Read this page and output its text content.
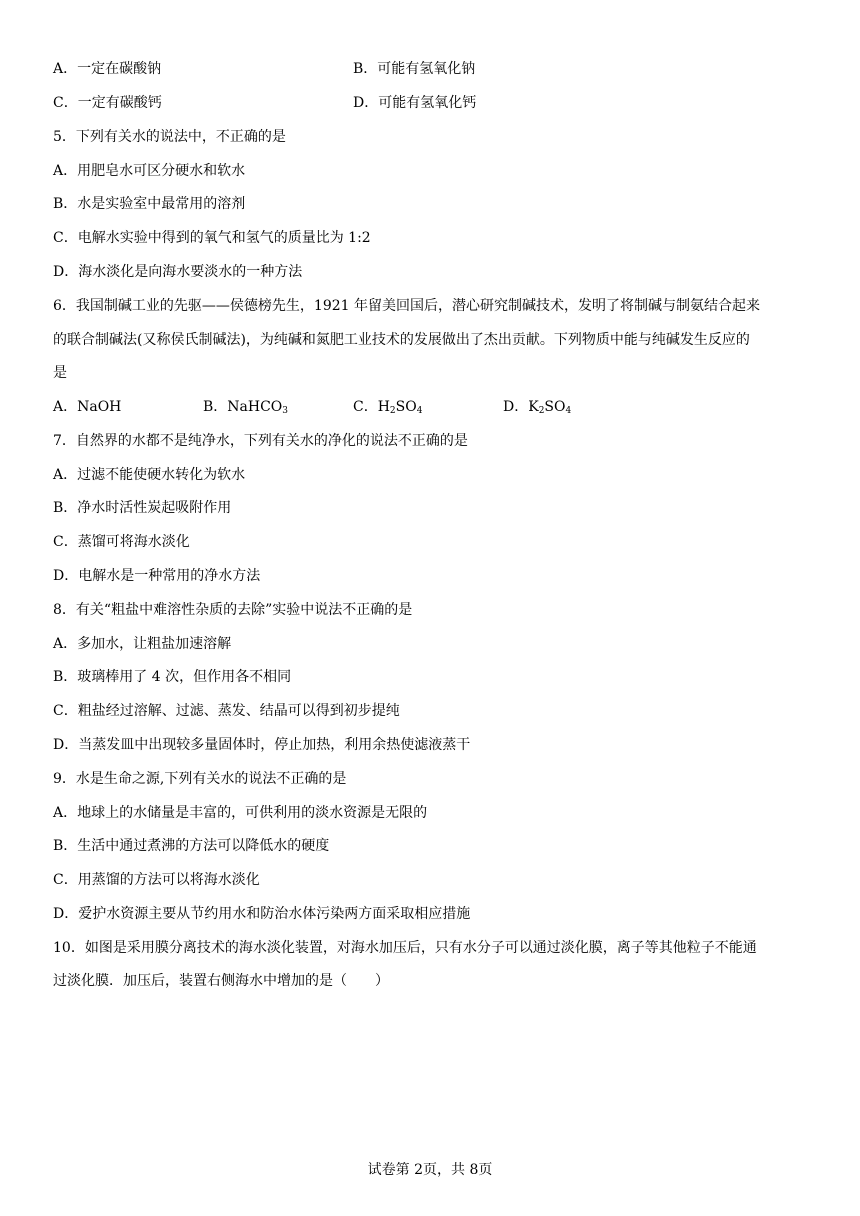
A．一定在碳酸钠	B．可能有氢氧化钠
C．一定有碳酸钙	D．可能有氢氧化钙
5．下列有关水的说法中，不正确的是
A．用肥皂水可区分硬水和软水
B．水是实验室中最常用的溶剂
C．电解水实验中得到的氧气和氢气的质量比为 1:2
D．海水淡化是向海水要淡水的一种方法
6．我国制碱工业的先驱——侯德榜先生，1921 年留美回国后，潜心研究制碱技术，发明了将制碱与制氨结合起来
的联合制碱法(又称侯氏制碱法)，为纯碱和氮肥工业技术的发展做出了杰出贡献。下列物质中能与纯碱发生反应的
是
A．NaOH	B．NaHCO$_3$	C．$H_2SO_4$	D．$K_2SO_4$
7．自然界的水都不是纯净水，下列有关水的净化的说法不正确的是
A．过滤不能使硬水转化为软水
B．净水时活性炭起吸附作用
C．蒸馏可将海水淡化
D．电解水是一种常用的净水方法
8．有关“粗盐中难溶性杂质的去除”实验中说法不正确的是
A．多加水，让粗盐加速溶解
B．玻璃棒用了 4 次，但作用各不相同
C．粗盐经过溶解、过滤、蒸发、结晶可以得到初步提纯
D．当蒸发皿中出现较多量固体时，停止加热，利用余热使滤液蒸干
9．水是生命之源,下列有关水的说法不正确的是
A．地球上的水储量是丰富的，可供利用的淡水资源是无限的
B．生活中通过煮沸的方法可以降低水的硬度
C．用蒸馏的方法可以将海水淡化
D．爱护水资源主要从节约用水和防治水体污染两方面采取相应措施
10．如图是采用膜分离技术的海水淡化装置，对海水加压后，只有水分子可以通过淡化膜，离子等其他粒子不能通
过淡化膜．加压后，装置右侧海水中增加的是（　　）
试卷第 2页，共 8页
